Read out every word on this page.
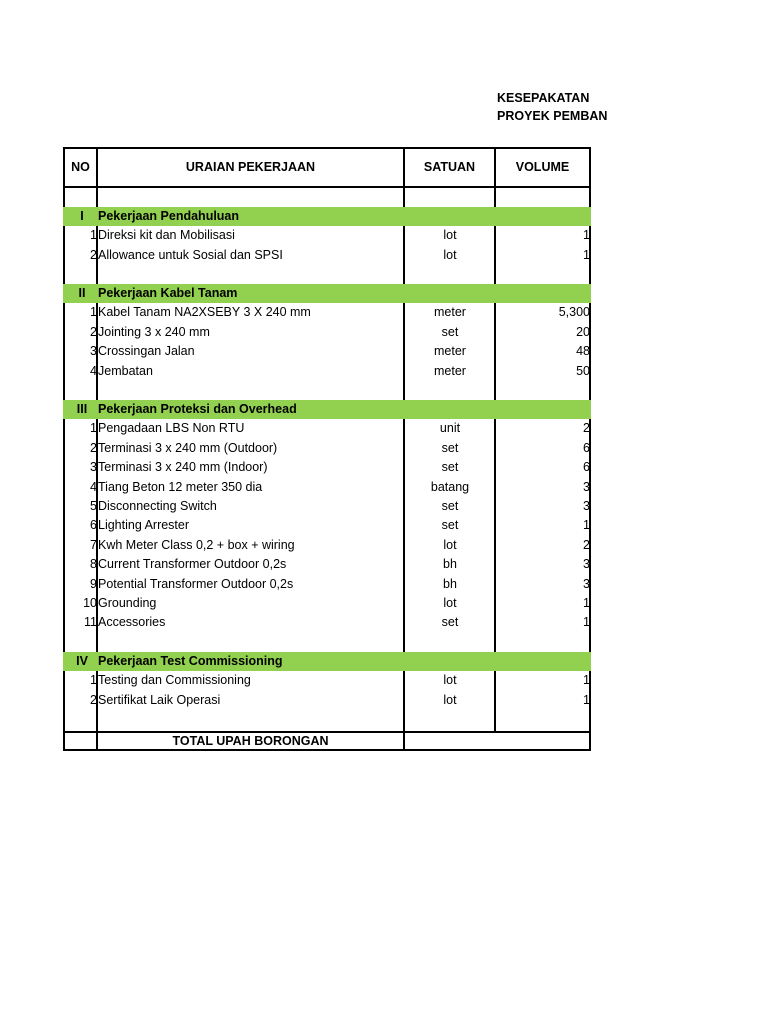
KESEPAKATAN
PROYEK PEMBAN
NO	URAIAN PEKERJAAN	SATUAN	VOLUME
I	Pekerjaan Pendahuluan
1 Direksi kit dan Mobilisasi	lot	1
2 Allowance untuk Sosial dan SPSI	lot	1
II	Pekerjaan Kabel Tanam
1 Kabel Tanam NA2XSEBY 3 X 240 mm	meter	5,300
2 Jointing 3 x 240 mm	set	20
3 Crossingan Jalan	meter	48
4 Jembatan	meter	50
III Pekerjaan Proteksi dan Overhead
1 Pengadaan LBS Non RTU	unit	2
2 Terminasi 3 x 240 mm (Outdoor)	set	6
3 Terminasi 3 x 240 mm (Indoor)	set	6
4 Tiang Beton 12 meter 350 dia	batang	3
5 Disconnecting Switch	set	3
6 Lighting Arrester	set	1
7 Kwh Meter Class 0,2 + box + wiring	lot	2
8 Current Transformer Outdoor 0,2s	bh	3
9 Potential Transformer Outdoor 0,2s	bh	3
10 Grounding	lot	1
11 Accessories	set	1
IV Pekerjaan Test Commissioning
1 Testing dan Commissioning	lot	1
2 Sertifikat Laik Operasi	lot	1
TOTAL UPAH BORONGAN
